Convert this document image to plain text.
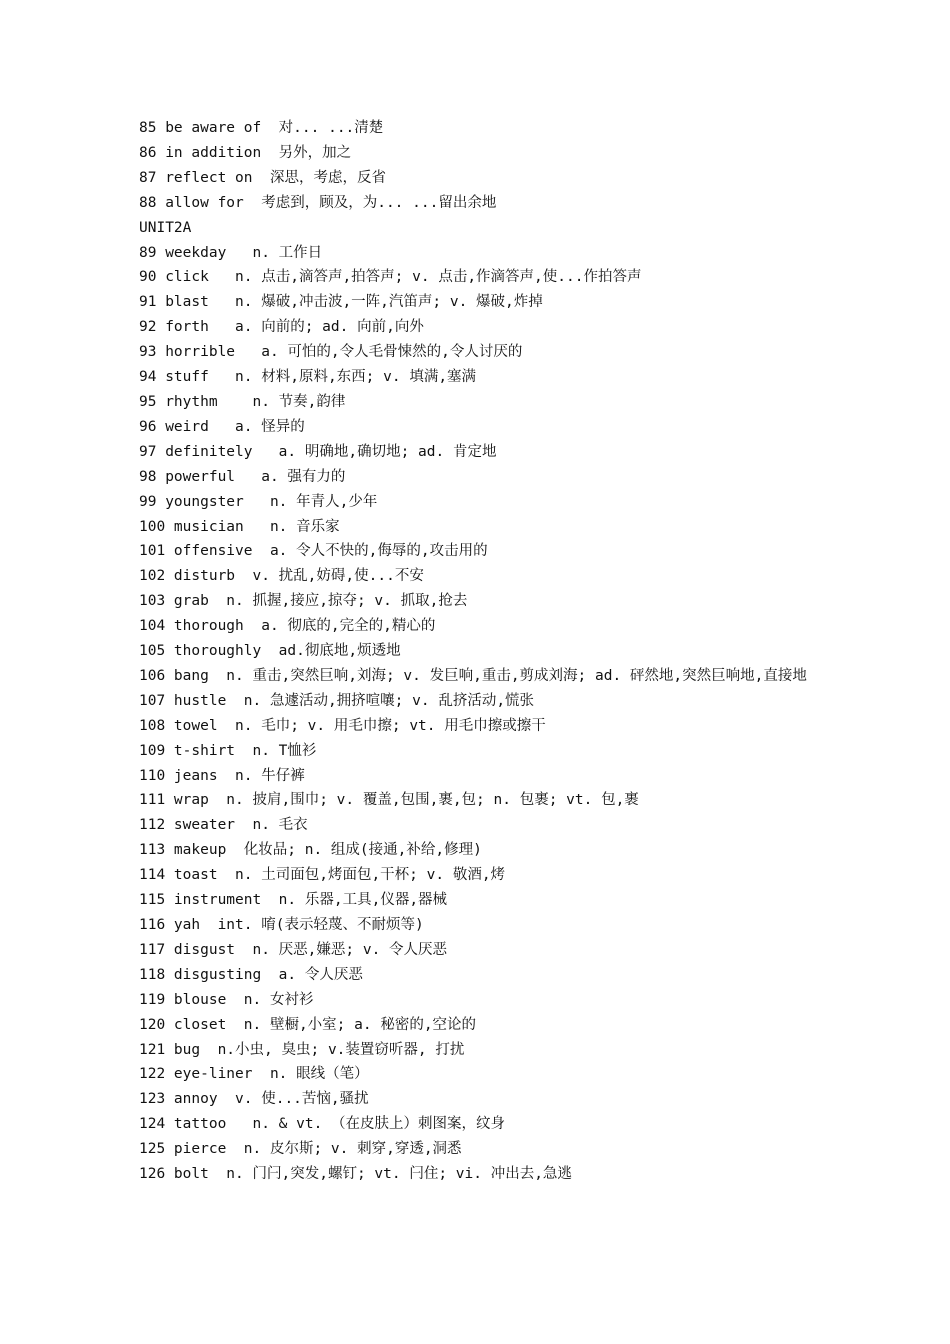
85 be aware of  对... ...清楚
86 in addition  另外，加之
87 reflect on  深思，考虑，反省
88 allow for  考虑到，顾及，为... ...留出余地
UNIT2A
89 weekday   n. 工作日
90 click   n. 点击,滴答声,拍答声; v. 点击,作滴答声,使...作拍答声
91 blast   n. 爆破,冲击波,一阵,汽笛声; v. 爆破,炸掉
92 forth   a. 向前的; ad. 向前,向外
93 horrible   a. 可怕的,令人毛骨悚然的,令人讨厌的
94 stuff   n. 材料,原料,东西; v. 填满,塞满
95 rhythm    n. 节奏,韵律
96 weird   a. 怪异的
97 definitely   a. 明确地,确切地; ad. 肯定地
98 powerful   a. 强有力的
99 youngster   n. 年青人,少年
100 musician   n. 音乐家
101 offensive  a. 令人不快的,侮辱的,攻击用的
102 disturb  v. 扰乱,妨碍,使...不安
103 grab  n. 抓握,接应,掠夺; v. 抓取,抢去
104 thorough  a. 彻底的,完全的,精心的
105 thoroughly  ad.彻底地,烦透地
106 bang  n. 重击,突然巨响,刘海; v. 发巨响,重击,剪成刘海; ad. 砰然地,突然巨响地,直接地
107 hustle  n. 急遽活动,拥挤喧嚷; v. 乱挤活动,慌张
108 towel  n. 毛巾; v. 用毛巾擦; vt. 用毛巾擦或擦干
109 t-shirt  n. T恤衫
110 jeans  n. 牛仔裤
111 wrap  n. 披肩,围巾; v. 覆盖,包围,裹,包; n. 包裹; vt. 包,裹
112 sweater  n. 毛衣
113 makeup  化妆品; n. 组成(接通,补给,修理)
114 toast  n. 土司面包,烤面包,干杯; v. 敬酒,烤
115 instrument  n. 乐器,工具,仪器,器械
116 yah  int. 唷(表示轻蔑、不耐烦等)
117 disgust  n. 厌恶,嫌恶; v. 令人厌恶
118 disgusting  a. 令人厌恶
119 blouse  n. 女衬衫
120 closet  n. 壁橱,小室; a. 秘密的,空论的
121 bug  n.小虫, 臭虫; v.装置窃听器, 打扰
122 eye-liner  n. 眼线（笔）
123 annoy  v. 使...苦恼,骚扰
124 tattoo   n. & vt. （在皮肤上）刺图案，纹身
125 pierce  n. 皮尔斯; v. 刺穿,穿透,洞悉
126 bolt  n. 门闩,突发,螺钉; vt. 闩住; vi. 冲出去,急逃
